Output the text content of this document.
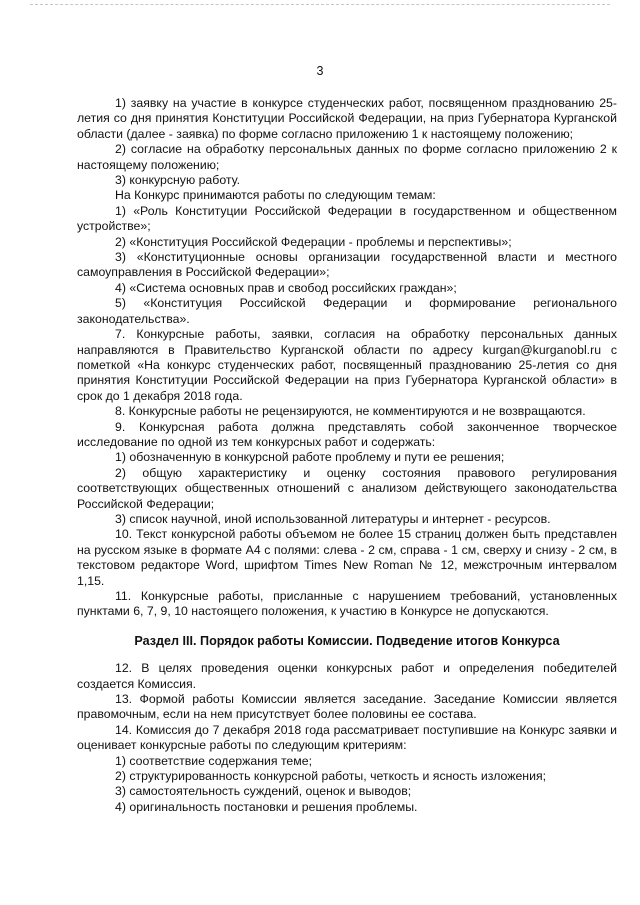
3

1) заявку на участие в конкурсе студенческих работ, посвященном празднованию 25-летия со дня принятия Конституции Российской Федерации, на приз Губернатора Курганской области (далее - заявка) по форме согласно приложению 1 к настоящему положению;

2) согласие на обработку персональных данных по форме согласно приложению 2 к настоящему положению;

3) конкурсную работу.

На Конкурс принимаются работы по следующим темам:

1) «Роль Конституции Российской Федерации в государственном и общественном устройстве»;

2) «Конституция Российской Федерации - проблемы и перспективы»;

3) «Конституционные основы организации государственной власти и местного самоуправления в Российской Федерации»;

4) «Система основных прав и свобод российских граждан»;

5) «Конституция Российской Федерации и формирование регионального законодательства».

7. Конкурсные работы, заявки, согласия на обработку персональных данных направляются в Правительство Курганской области по адресу kurgan@kurganobl.ru с пометкой «На конкурс студенческих работ, посвященный празднованию 25-летия со дня принятия Конституции Российской Федерации на приз Губернатора Курганской области» в срок до 1 декабря 2018 года.

8. Конкурсные работы не рецензируются, не комментируются и не возвращаются.

9. Конкурсная работа должна представлять собой законченное творческое исследование по одной из тем конкурсных работ и содержать:

1) обозначенную в конкурсной работе проблему и пути ее решения;

2) общую характеристику и оценку состояния правового регулирования соответствующих общественных отношений с анализом действующего законодательства Российской Федерации;

3) список научной, иной использованной литературы и интернет - ресурсов.

10. Текст конкурсной работы объемом не более 15 страниц должен быть представлен на русском языке в формате А4 с полями: слева - 2 см, справа - 1 см, сверху и снизу - 2 см, в текстовом редакторе Word, шрифтом Times New Roman № 12, межстрочным интервалом 1,15.

11. Конкурсные работы, присланные с нарушением требований, установленных пунктами 6, 7, 9, 10 настоящего положения, к участию в Конкурсе не допускаются.

Раздел III. Порядок работы Комиссии. Подведение итогов Конкурса

12. В целях проведения оценки конкурсных работ и определения победителей создается Комиссия.

13. Формой работы Комиссии является заседание. Заседание Комиссии является правомочным, если на нем присутствует более половины ее состава.

14. Комиссия до 7 декабря 2018 года рассматривает поступившие на Конкурс заявки и оценивает конкурсные работы по следующим критериям:

1) соответствие содержания теме;

2) структурированность конкурсной работы, четкость и ясность изложения;

3) самостоятельность суждений, оценок и выводов;

4) оригинальность постановки и решения проблемы.
